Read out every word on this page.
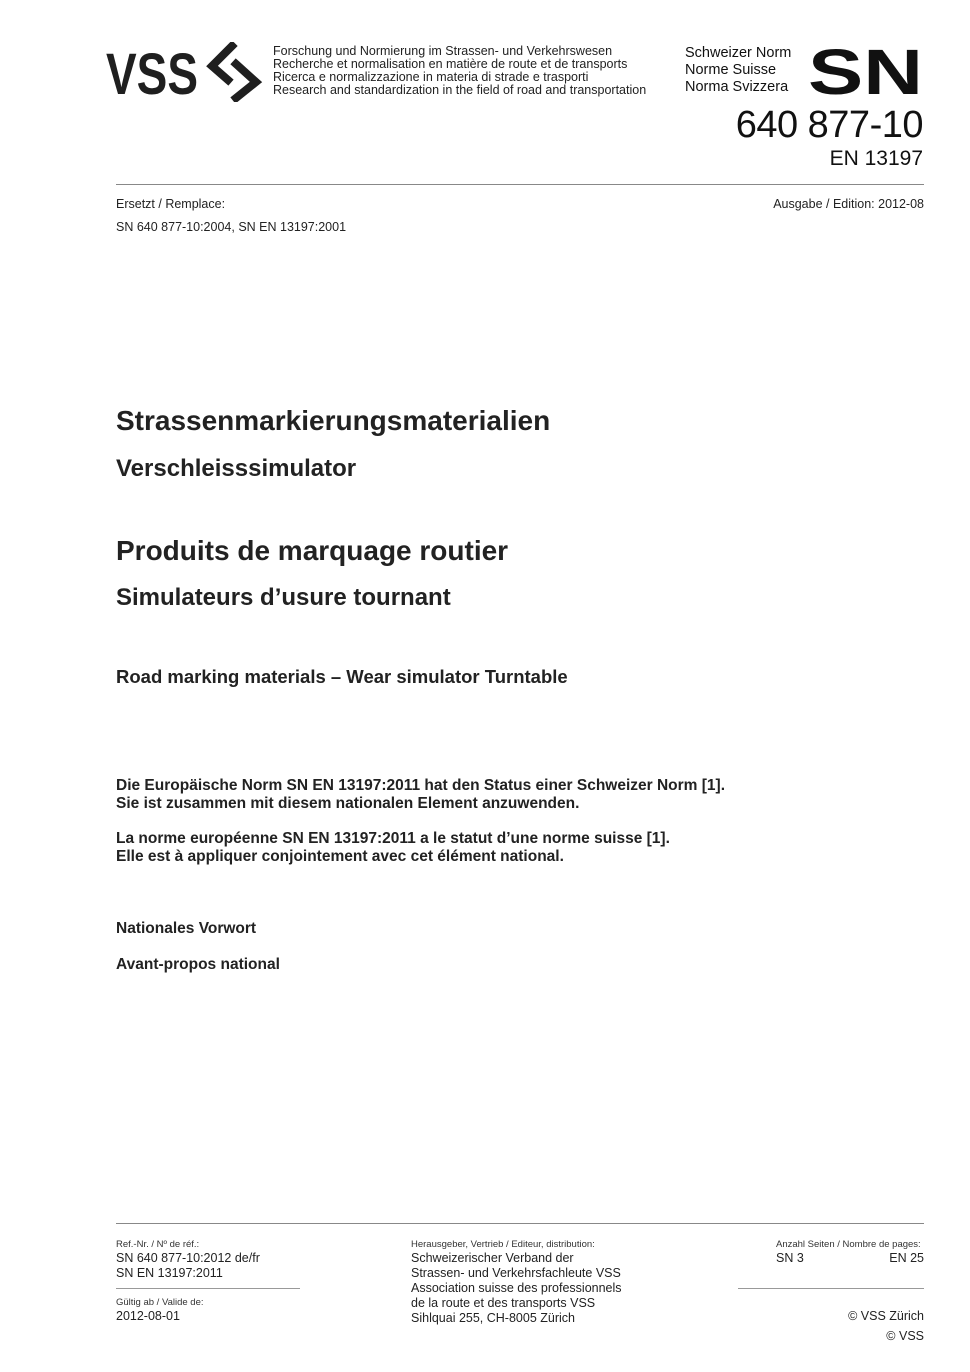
VSS	Forschung und Normierung im Strassen- und Verkehrswesen
Recherche et normalisation en matière de route et de transports
Ricerca e normalizzazione in materia di strade e trasporti
Research and standardization in the field of road and transportation
Schweizer Norm
Norme Suisse
Norma Svizzera SN
640 877-10
EN 13197
Ersetzt / Remplace:
SN 640 877-10:2004, SN EN 13197:2001
Ausgabe / Edition: 2012-08
Strassenmarkierungsmaterialien
Verschleisssimulator
Produits de marquage routier
Simulateurs d’usure tournant
Road marking materials – Wear simulator Turntable
Die Europäische Norm SN EN 13197:2011 hat den Status einer Schweizer Norm [1].
Sie ist zusammen mit diesem nationalen Element anzuwenden.
La norme européenne SN EN 13197:2011 a le statut d’une norme suisse [1].
Elle est à appliquer conjointement avec cet élément national.
Nationales Vorwort
Avant-propos national
Ref.-Nr. / Nº de réf.:
SN 640 877-10:2012 de/fr
SN EN 13197:2011
Gültig ab / Valide de:
2012-08-01
Herausgeber, Vertrieb / Editeur, distribution:
Schweizerischer Verband der
Strassen- und Verkehrsfachleute VSS
Association suisse des professionnels
de la route et des transports VSS
Sihlquai 255, CH-8005 Zürich
Anzahl Seiten / Nombre de pages:
SN 3	EN 25
© VSS Zürich
© VSS
